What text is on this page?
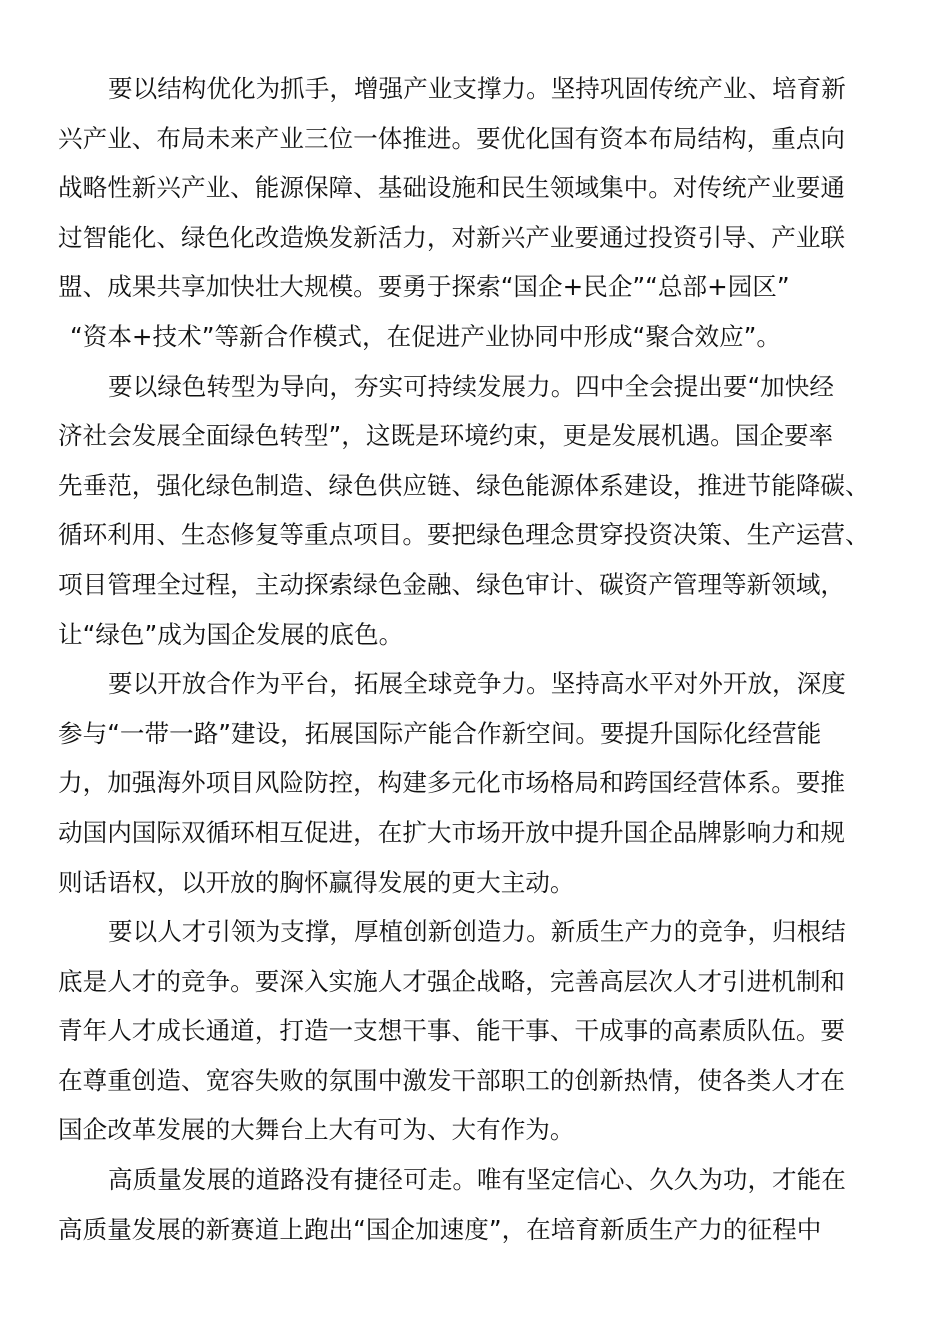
要以结构优化为抓手，增强产业支撑力。坚持巩固传统产业、培育新
兴产业、布局未来产业三位一体推进。要优化国有资本布局结构，重点向
战略性新兴产业、能源保障、基础设施和民生领域集中。对传统产业要通
过智能化、绿色化改造焕发新活力，对新兴产业要通过投资引导、产业联
盟、成果共享加快壮大规模。要勇于探索“国企+民企”“总部+园区”
“资本+技术”等新合作模式，在促进产业协同中形成“聚合效应”。
要以绿色转型为导向，夯实可持续发展力。四中全会提出要“加快经
济社会发展全面绿色转型”，这既是环境约束，更是发展机遇。国企要率
先垂范，强化绿色制造、绿色供应链、绿色能源体系建设，推进节能降碳、
循环利用、生态修复等重点项目。要把绿色理念贯穿投资决策、生产运营、
项目管理全过程，主动探索绿色金融、绿色审计、碳资产管理等新领域，
让“绿色”成为国企发展的底色。
要以开放合作为平台，拓展全球竞争力。坚持高水平对外开放，深度
参与“一带一路”建设，拓展国际产能合作新空间。要提升国际化经营能
力，加强海外项目风险防控，构建多元化市场格局和跨国经营体系。要推
动国内国际双循环相互促进，在扩大市场开放中提升国企品牌影响力和规
则话语权，以开放的胸怀赢得发展的更大主动。
要以人才引领为支撑，厚植创新创造力。新质生产力的竞争，归根结
底是人才的竞争。要深入实施人才强企战略，完善高层次人才引进机制和
青年人才成长通道，打造一支想干事、能干事、干成事的高素质队伍。要
在尊重创造、宽容失败的氛围中激发干部职工的创新热情，使各类人才在
国企改革发展的大舞台上大有可为、大有作为。
高质量发展的道路没有捷径可走。唯有坚定信心、久久为功，才能在
高质量发展的新赛道上跑出“国企加速度”，在培育新质生产力的征程中
